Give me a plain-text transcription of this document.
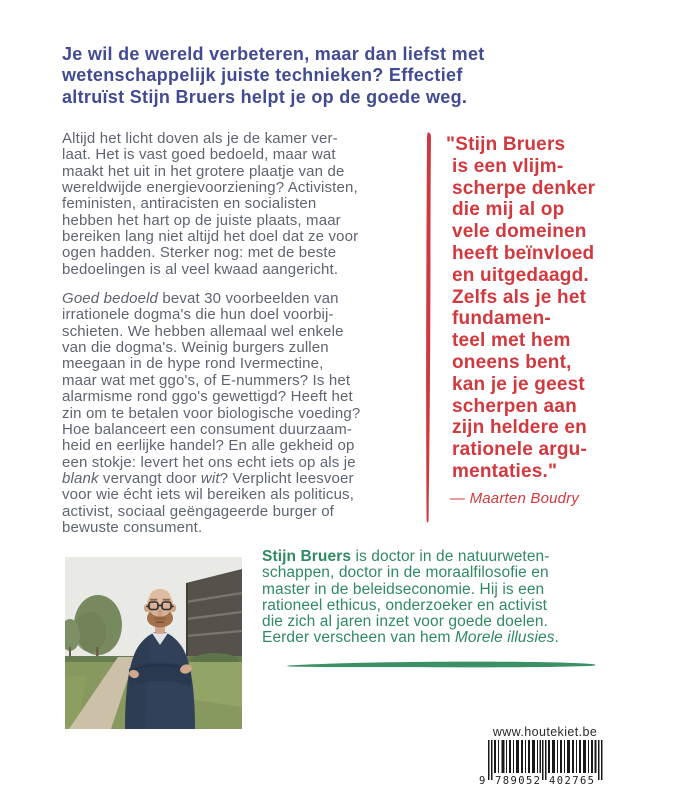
Je wil de wereld verbeteren, maar dan liefst met
wetenschappelijk juiste technieken? Effectief
altruïst Stijn Bruers helpt je op de goede weg.
Altijd het licht doven als je de kamer ver-
laat. Het is vast goed bedoeld, maar wat
maakt het uit in het grotere plaatje van de
wereldwijde energievoorziening? Activisten,
feministen, antiracisten en socialisten
hebben het hart op de juiste plaats, maar
bereiken lang niet altijd het doel dat ze voor
ogen hadden. Sterker nog: met de beste
bedoelingen is al veel kwaad aangericht.
Goed bedoeld bevat 30 voorbeelden van
irrationele dogma's die hun doel voorbij-
schieten. We hebben allemaal wel enkele
van die dogma's. Weinig burgers zullen
meegaan in de hype rond Ivermectine,
maar wat met ggo's, of E-nummers? Is het
alarmisme rond ggo's gewettigd? Heeft het
zin om te betalen voor biologische voeding?
Hoe balanceert een consument duurzaam-
heid en eerlijke handel? En alle gekheid op
een stokje: levert het ons echt iets op als je
blank vervangt door wit? Verplicht leesvoer
voor wie écht iets wil bereiken als politicus,
activist, sociaal geëngageerde burger of
bewuste consument.
"Stijn Bruers
is een vlijm-
scherpe denker
die mij al op
vele domeinen
heeft beïnvloed
en uitgedaagd.
Zelfs als je het
fundamen-
teel met hem
oneens bent,
kan je je geest
scherpen aan
zijn heldere en
rationele argu-
mentaties."
— Maarten Boudry
Stijn Bruers is doctor in de natuurweten-
schappen, doctor in de moraalfilosofie en
master in de beleidseconomie. Hij is een
rationeel ethicus, onderzoeker en activist
die zich al jaren inzet voor goede doelen.
Eerder verscheen van hem Morele illusies.
www.houtekiet.be
9 789052 402765
